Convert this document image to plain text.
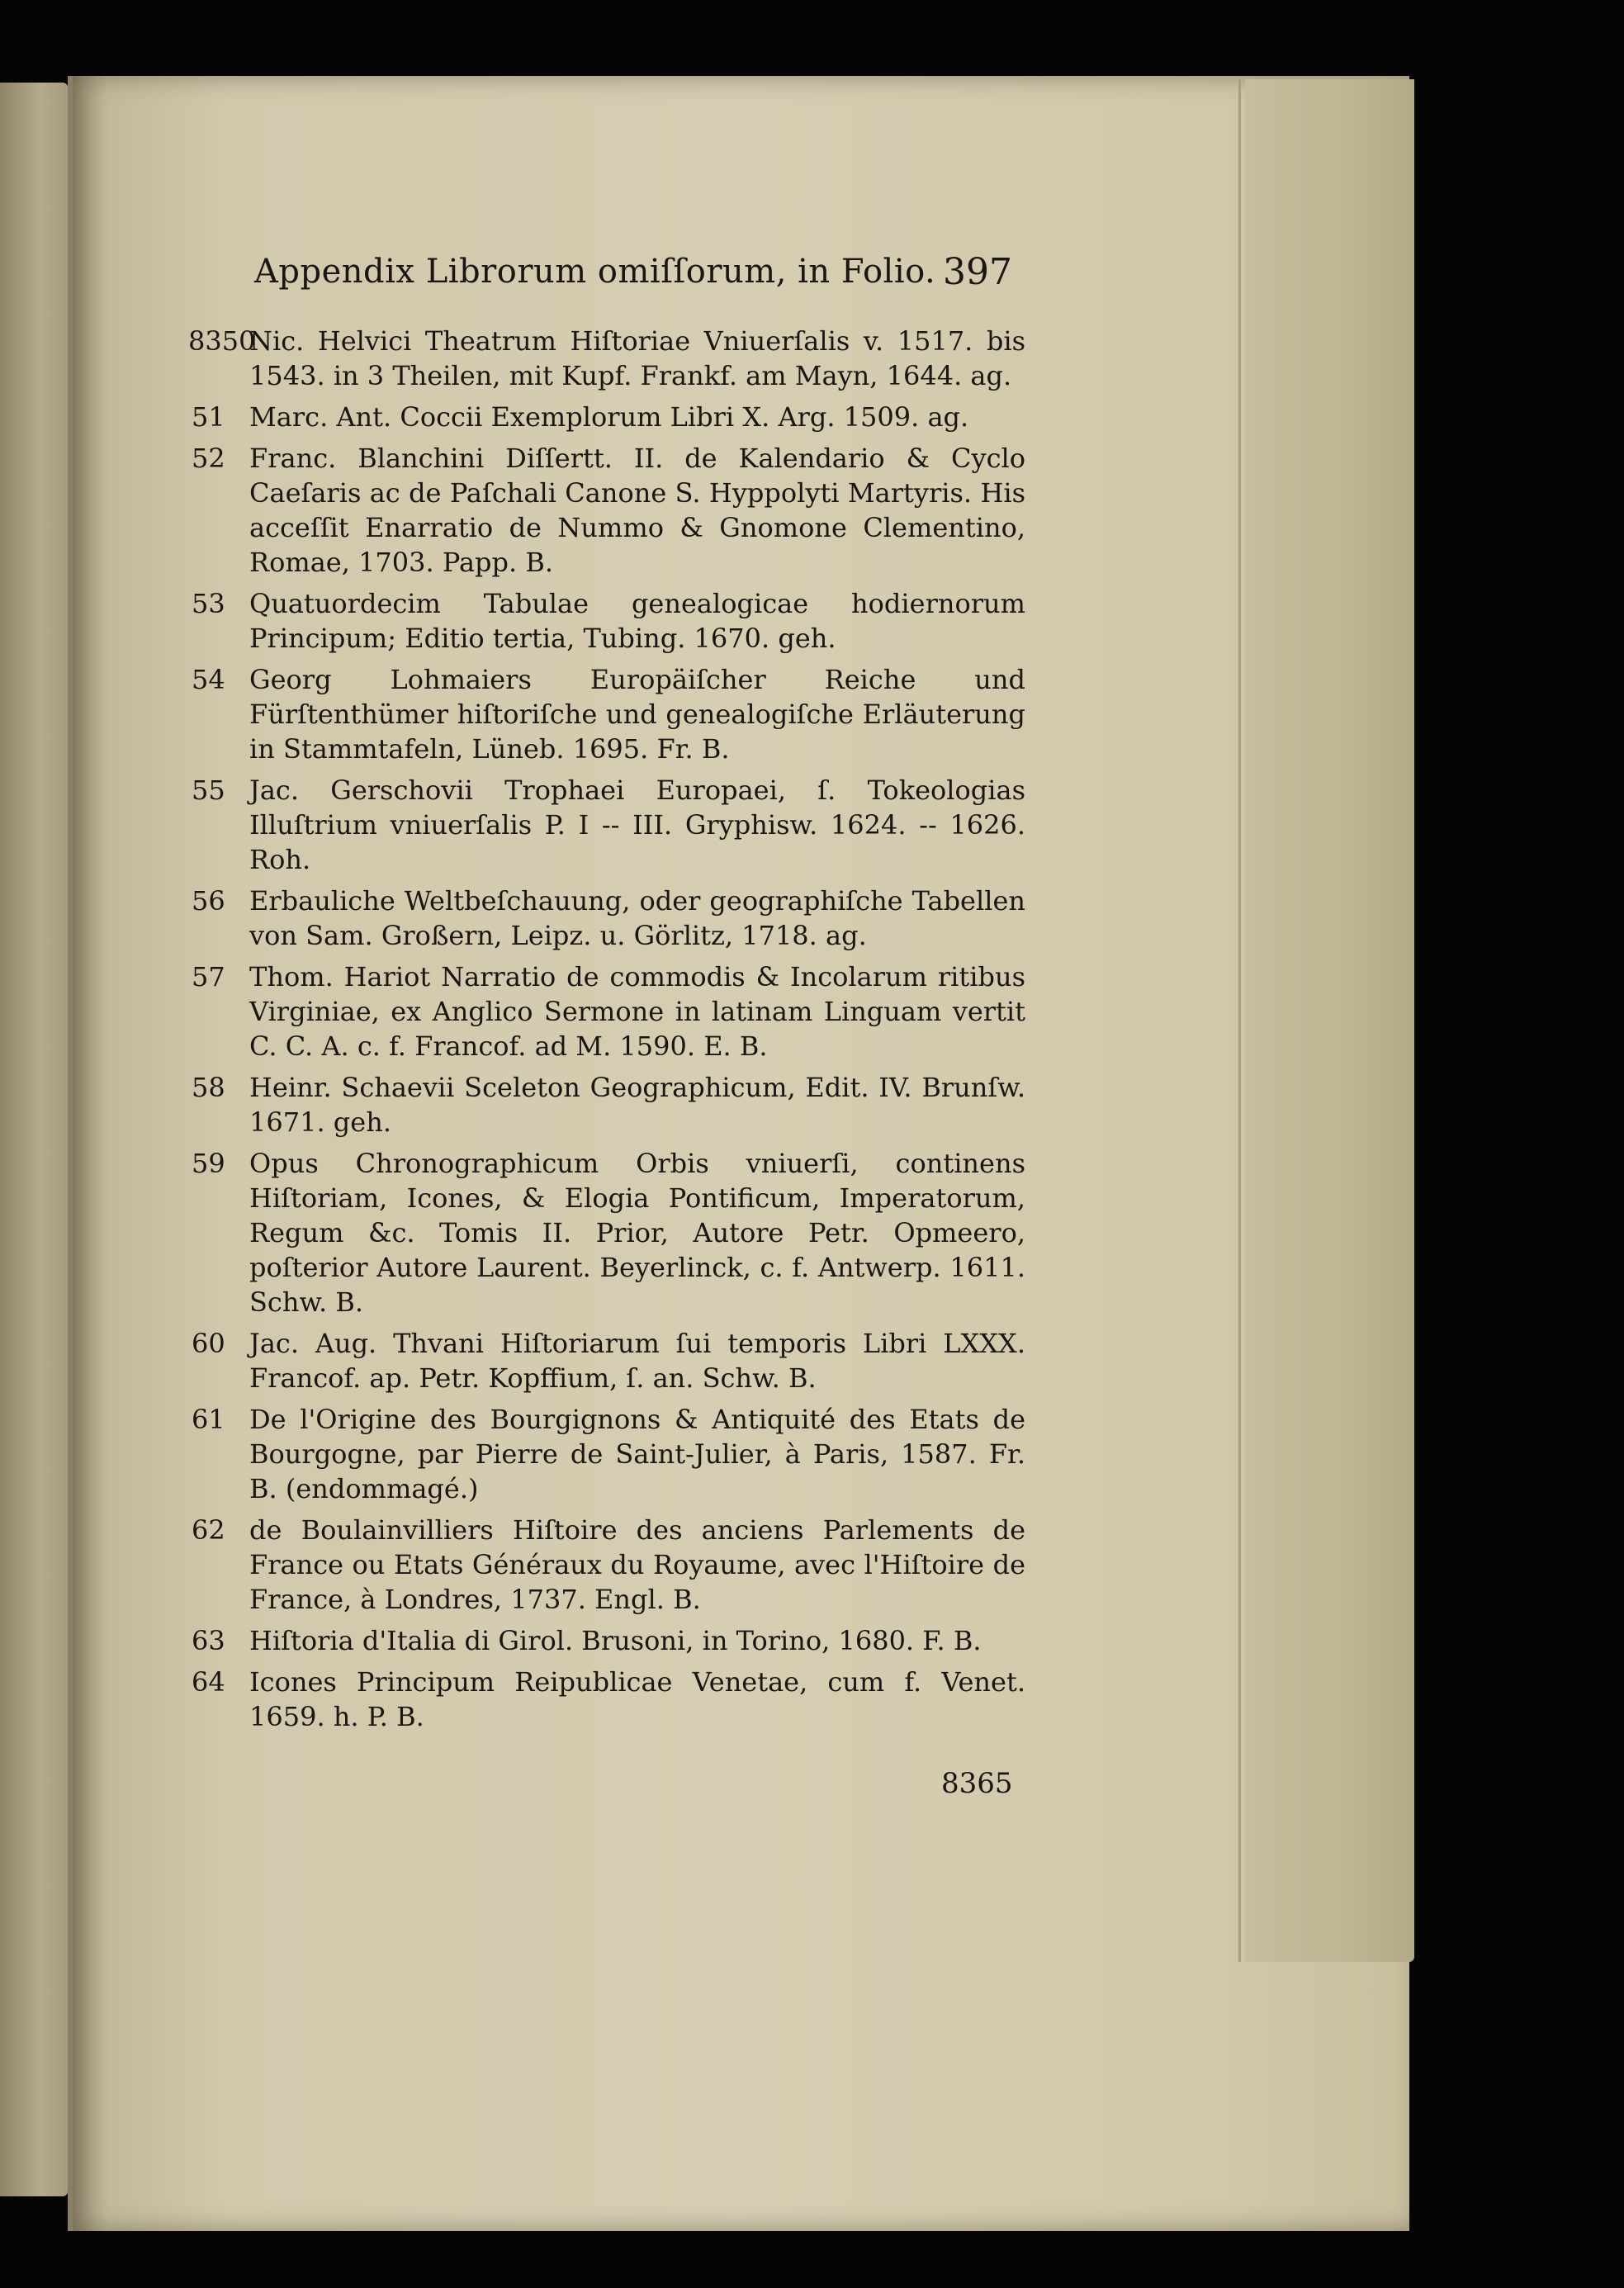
Appendix Librorum omiſſorum, in Folio. 397
8350
Nic. Helvici Theatrum Hiſtoriae Vniuerſalis v. 1517. bis 1543. in 3 Theilen, mit Kupf. Frankf. am Mayn, 1644. ag.
51 Marc. Ant. Coccii Exemplorum Libri X. Arg. 1509. ag.
52 Franc. Blanchini Diſſertt. II. de Kalendario & Cyclo Caeſaris ac de Paſchali Canone S. Hyppolyti Martyris. His acceſſit Enarratio de Nummo & Gnomone Clementino, Romae, 1703. Papp. B.
53 Quatuordecim Tabulae genealogicae hodiernorum Principum; Editio tertia, Tubing. 1670. geh.
54 Georg Lohmaiers Europäiſcher Reiche und Fürſtenthümer hiſtoriſche und genealogiſche Erläuterung in Stammtafeln, Lüneb. 1695. Fr. B.
55 Jac. Gerschovii Trophaei Europaei, ſ. Tokeologias Illuſtrium vniuerſalis P. I -- III. Gryphisw. 1624. -- 1626. Roh.
56 Erbauliche Weltbeſchauung, oder geographiſche Tabellen von Sam. Großern, Leipz. u. Görlitz, 1718. ag.
57 Thom. Hariot Narratio de commodis & Incolarum ritibus Virginiae, ex Anglico Sermone in latinam Linguam vertit C. C. A. c. f. Francof. ad M. 1590. E. B.
58 Heinr. Schaevii Sceleton Geographicum, Edit. IV. Brunſw. 1671. geh.
59 Opus Chronographicum Orbis vniuerſi, continens Hiſtoriam, Icones, & Elogia Pontificum, Imperatorum, Regum &c. Tomis II. Prior, Autore Petr. Opmeero, poſterior Autore Laurent. Beyerlinck, c. f. Antwerp. 1611. Schw. B.
60 Jac. Aug. Thvani Hiſtoriarum ſui temporis Libri LXXX. Francof. ap. Petr. Kopffium, ſ. an. Schw. B.
61 De l'Origine des Bourgignons & Antiquité des Etats de Bourgogne, par Pierre de Saint-Julier, à Paris, 1587. Fr. B. (endommagé.)
62 de Boulainvilliers Hiſtoire des anciens Parlements de France ou Etats Généraux du Royaume, avec l'Hiſtoire de France, à Londres, 1737. Engl. B.
63 Hiſtoria d'Italia di Girol. Brusoni, in Torino, 1680. F. B.
64 Icones Principum Reipublicae Venetae, cum f. Venet. 1659. h. P. B.
8365
